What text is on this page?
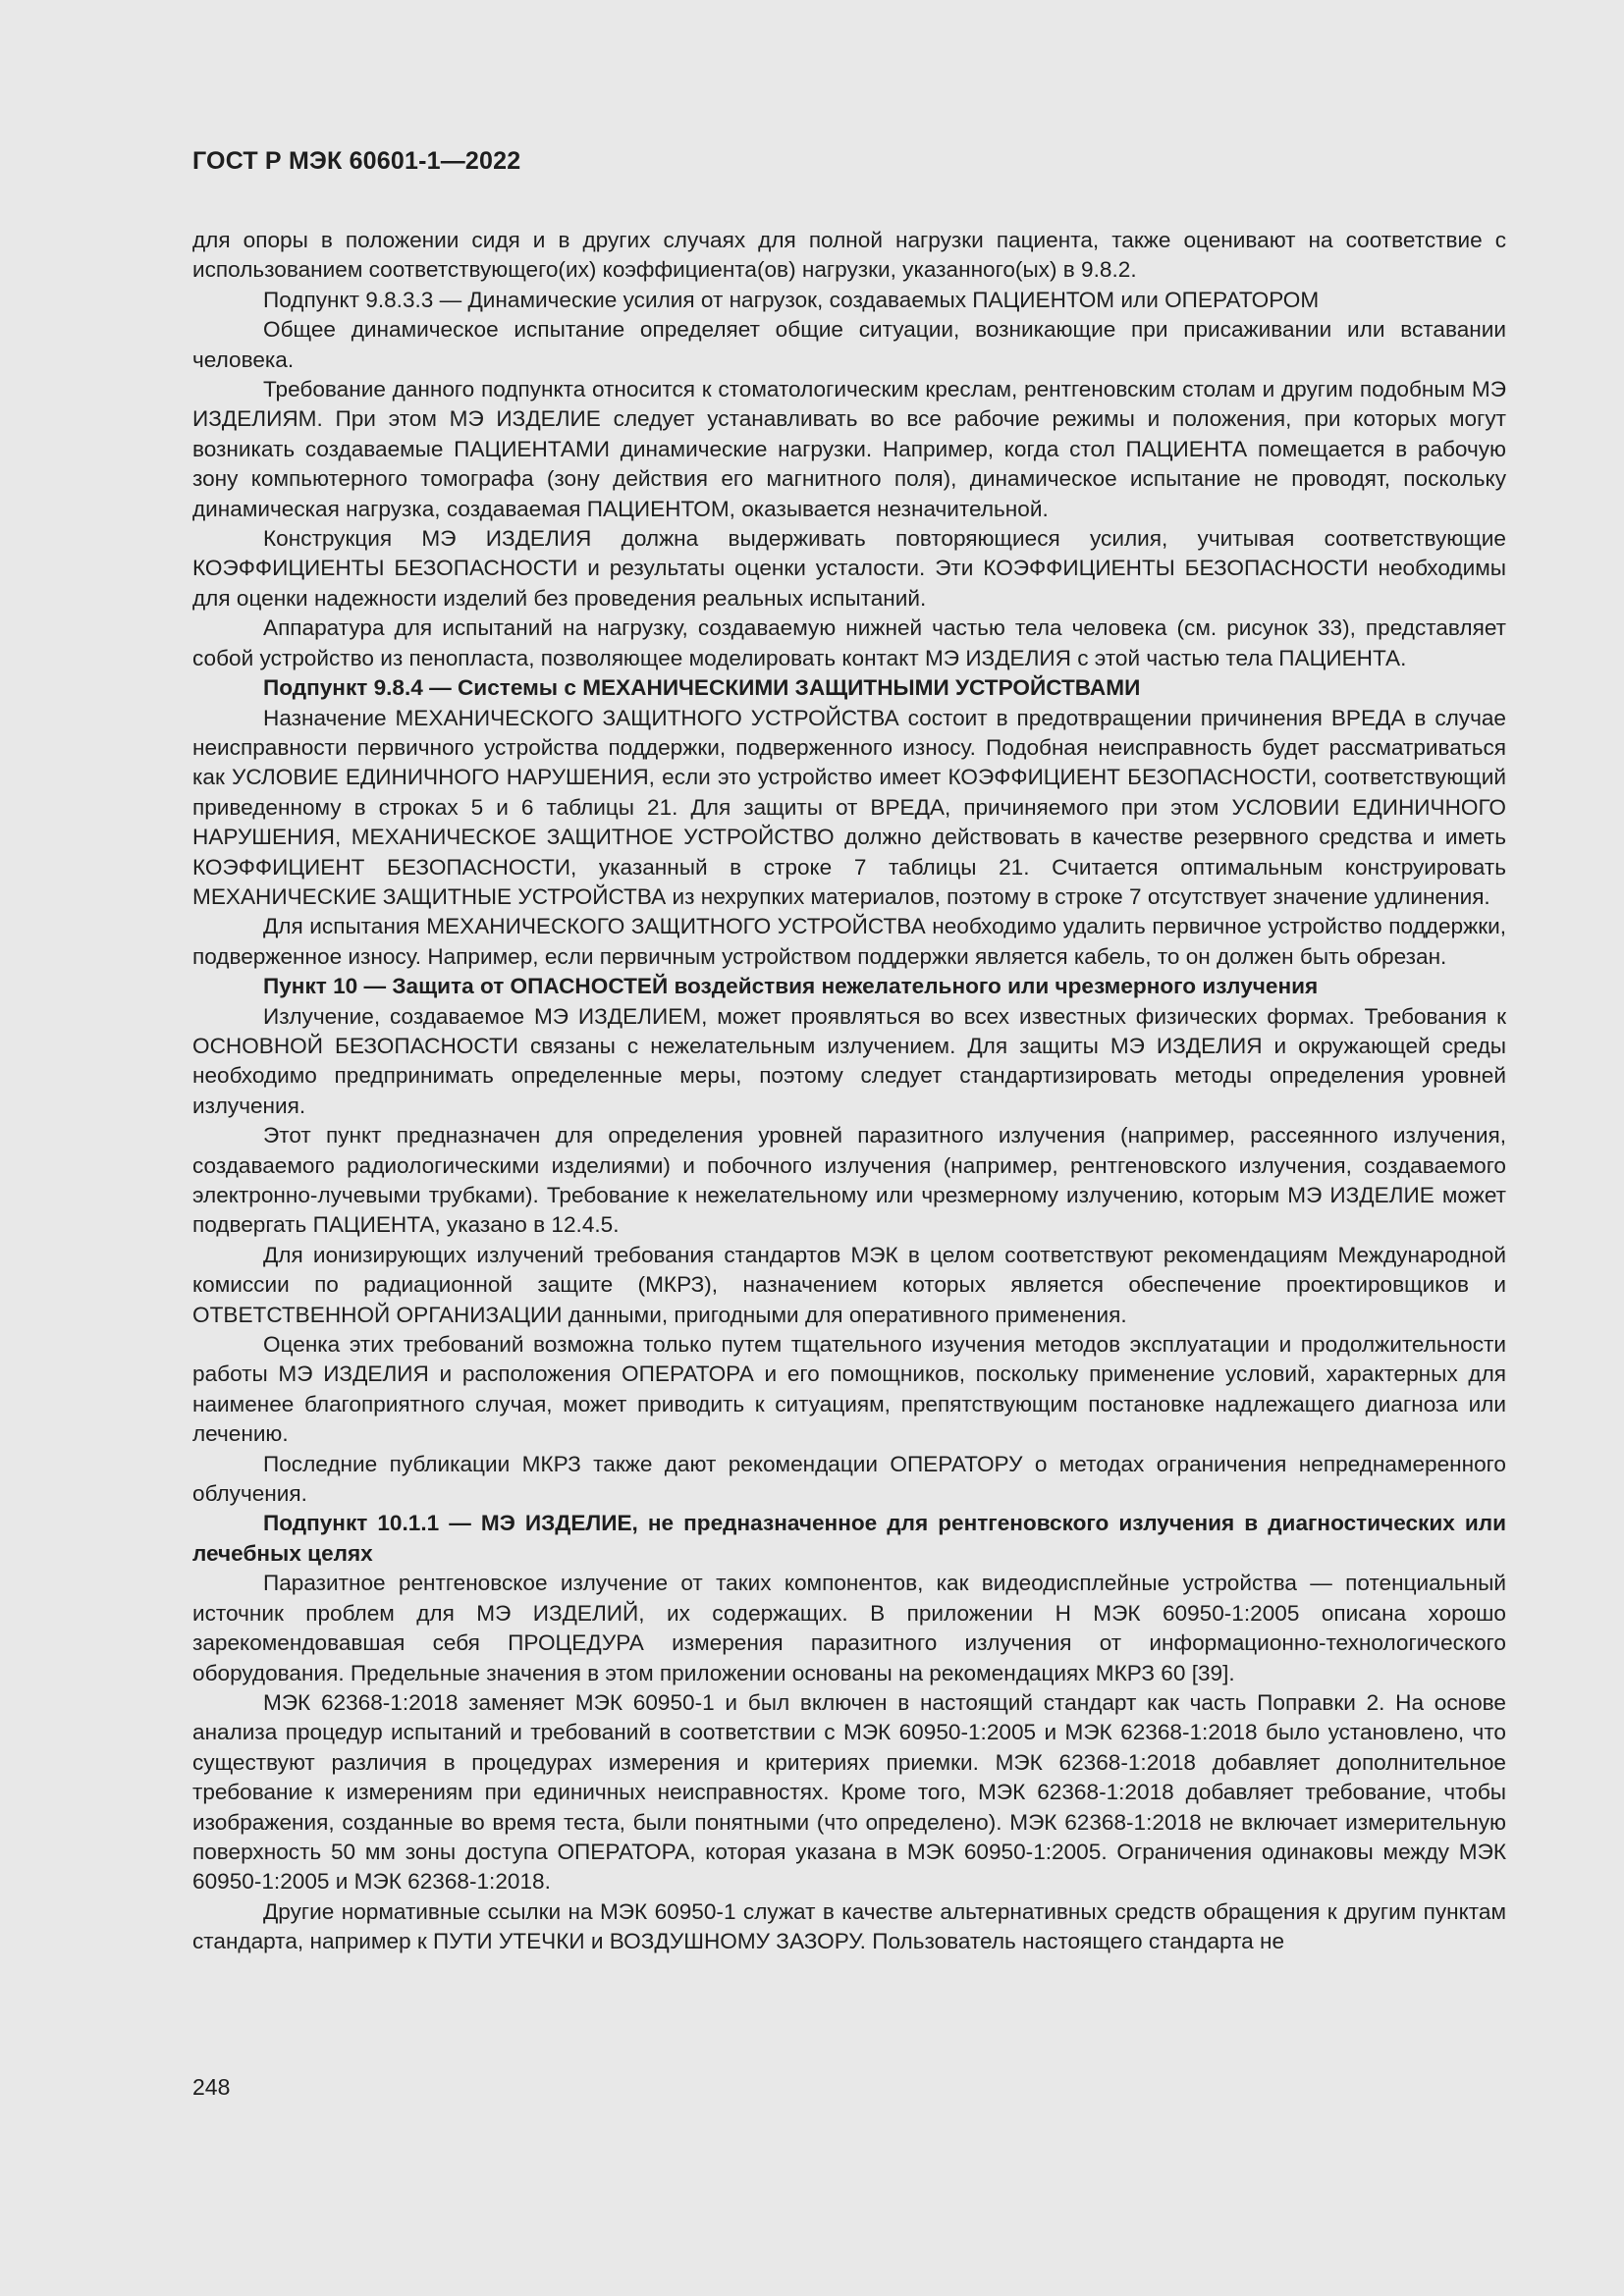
ГОСТ Р МЭК 60601-1—2022

для опоры в положении сидя и в других случаях для полной нагрузки пациента, также оценивают на соответствие с использованием соответствующего(их) коэффициента(ов) нагрузки, указанного(ых) в 9.8.2.

Подпункт 9.8.3.3 — Динамические усилия от нагрузок, создаваемых ПАЦИЕНТОМ или ОПЕРАТОРОМ

Общее динамическое испытание определяет общие ситуации, возникающие при присаживании или вставании человека.

Требование данного подпункта относится к стоматологическим креслам, рентгеновским столам и другим подобным МЭ ИЗДЕЛИЯМ. При этом МЭ ИЗДЕЛИЕ следует устанавливать во все рабочие режимы и положения, при которых могут возникать создаваемые ПАЦИЕНТАМИ динамические нагрузки. Например, когда стол ПАЦИЕНТА помещается в рабочую зону компьютерного томографа (зону действия его магнитного поля), динамическое испытание не проводят, поскольку динамическая нагрузка, создаваемая ПАЦИЕНТОМ, оказывается незначительной.

Конструкция МЭ ИЗДЕЛИЯ должна выдерживать повторяющиеся усилия, учитывая соответствующие КОЭФФИЦИЕНТЫ БЕЗОПАСНОСТИ и результаты оценки усталости. Эти КОЭФФИЦИЕНТЫ БЕЗОПАСНОСТИ необходимы для оценки надежности изделий без проведения реальных испытаний.

Аппаратура для испытаний на нагрузку, создаваемую нижней частью тела человека (см. рисунок 33), представляет собой устройство из пенопласта, позволяющее моделировать контакт МЭ ИЗДЕЛИЯ с этой частью тела ПАЦИЕНТА.

Подпункт 9.8.4 — Системы с МЕХАНИЧЕСКИМИ ЗАЩИТНЫМИ УСТРОЙСТВАМИ

Назначение МЕХАНИЧЕСКОГО ЗАЩИТНОГО УСТРОЙСТВА состоит в предотвращении причинения ВРЕДА в случае неисправности первичного устройства поддержки, подверженного износу. Подобная неисправность будет рассматриваться как УСЛОВИЕ ЕДИНИЧНОГО НАРУШЕНИЯ, если это устройство имеет КОЭФФИЦИЕНТ БЕЗОПАСНОСТИ, соответствующий приведенному в строках 5 и 6 таблицы 21. Для защиты от ВРЕДА, причиняемого при этом УСЛОВИИ ЕДИНИЧНОГО НАРУШЕНИЯ, МЕХАНИЧЕСКОЕ ЗАЩИТНОЕ УСТРОЙСТВО должно действовать в качестве резервного средства и иметь КОЭФФИЦИЕНТ БЕЗОПАСНОСТИ, указанный в строке 7 таблицы 21. Считается оптимальным конструировать МЕХАНИЧЕСКИЕ ЗАЩИТНЫЕ УСТРОЙСТВА из нехрупких материалов, поэтому в строке 7 отсутствует значение удлинения.

Для испытания МЕХАНИЧЕСКОГО ЗАЩИТНОГО УСТРОЙСТВА необходимо удалить первичное устройство поддержки, подверженное износу. Например, если первичным устройством поддержки является кабель, то он должен быть обрезан.

Пункт 10 — Защита от ОПАСНОСТЕЙ воздействия нежелательного или чрезмерного излучения

Излучение, создаваемое МЭ ИЗДЕЛИЕМ, может проявляться во всех известных физических формах. Требования к ОСНОВНОЙ БЕЗОПАСНОСТИ связаны с нежелательным излучением. Для защиты МЭ ИЗДЕЛИЯ и окружающей среды необходимо предпринимать определенные меры, поэтому следует стандартизировать методы определения уровней излучения.

Этот пункт предназначен для определения уровней паразитного излучения (например, рассеянного излучения, создаваемого радиологическими изделиями) и побочного излучения (например, рентгеновского излучения, создаваемого электронно-лучевыми трубками). Требование к нежелательному или чрезмерному излучению, которым МЭ ИЗДЕЛИЕ может подвергать ПАЦИЕНТА, указано в 12.4.5.

Для ионизирующих излучений требования стандартов МЭК в целом соответствуют рекомендациям Международной комиссии по радиационной защите (МКРЗ), назначением которых является обеспечение проектировщиков и ОТВЕТСТВЕННОЙ ОРГАНИЗАЦИИ данными, пригодными для оперативного применения.

Оценка этих требований возможна только путем тщательного изучения методов эксплуатации и продолжительности работы МЭ ИЗДЕЛИЯ и расположения ОПЕРАТОРА и его помощников, поскольку применение условий, характерных для наименее благоприятного случая, может приводить к ситуациям, препятствующим постановке надлежащего диагноза или лечению.

Последние публикации МКРЗ также дают рекомендации ОПЕРАТОРУ о методах ограничения непреднамеренного облучения.

Подпункт 10.1.1 — МЭ ИЗДЕЛИЕ, не предназначенное для рентгеновского излучения в диагностических или лечебных целях

Паразитное рентгеновское излучение от таких компонентов, как видеодисплейные устройства — потенциальный источник проблем для МЭ ИЗДЕЛИЙ, их содержащих. В приложении Н МЭК 60950-1:2005 описана хорошо зарекомендовавшая себя ПРОЦЕДУРА измерения паразитного излучения от информационно-технологического оборудования. Предельные значения в этом приложении основаны на рекомендациях МКРЗ 60 [39].

МЭК 62368-1:2018 заменяет МЭК 60950-1 и был включен в настоящий стандарт как часть Поправки 2. На основе анализа процедур испытаний и требований в соответствии с МЭК 60950-1:2005 и МЭК 62368-1:2018 было установлено, что существуют различия в процедурах измерения и критериях приемки. МЭК 62368-1:2018 добавляет дополнительное требование к измерениям при единичных неисправностях. Кроме того, МЭК 62368-1:2018 добавляет требование, чтобы изображения, созданные во время теста, были понятными (что определено). МЭК 62368-1:2018 не включает измерительную поверхность 50 мм зоны доступа ОПЕРАТОРА, которая указана в МЭК 60950-1:2005. Ограничения одинаковы между МЭК 60950-1:2005 и МЭК 62368-1:2018.

Другие нормативные ссылки на МЭК 60950-1 служат в качестве альтернативных средств обращения к другим пунктам стандарта, например к ПУТИ УТЕЧКИ и ВОЗДУШНОМУ ЗАЗОРУ. Пользователь настоящего стандарта не

248
